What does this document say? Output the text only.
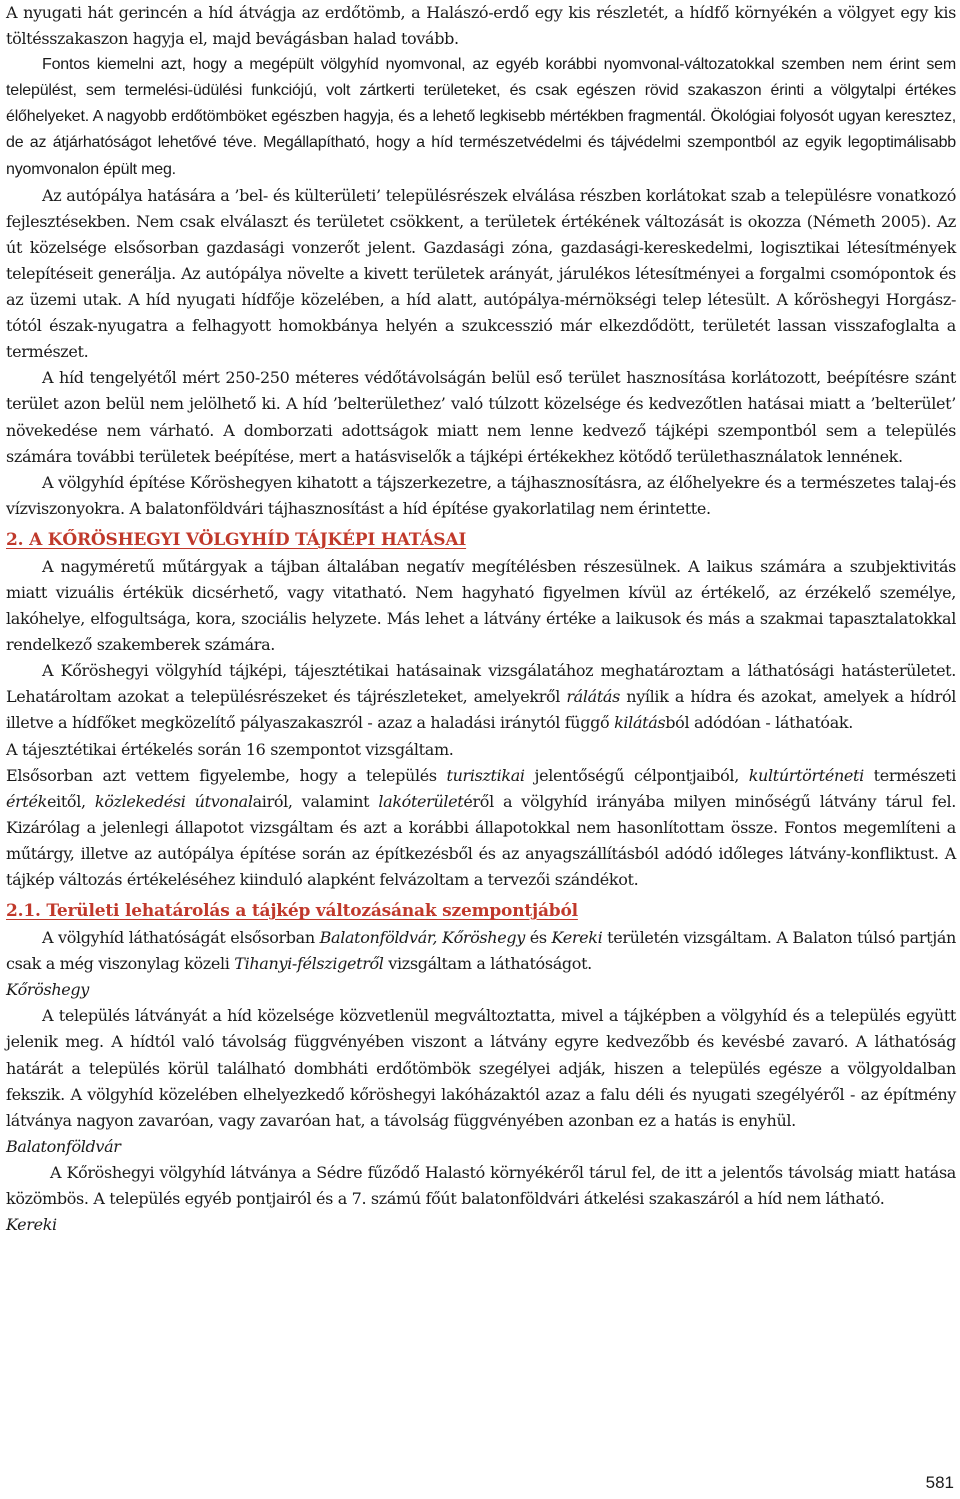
A nyugati hát gerincén a híd átvágja az erdőtömb, a Halászó-erdő egy kis részletét, a hídfő környékén a völgyet egy kis töltésszakaszon hagyja el, majd bevágásban halad tovább.

Fontos kiemelni azt, hogy a megépült völgyhíd nyomvonal, az egyéb korábbi nyomvonal-változatokkal szemben nem érint sem települést, sem termelési-üdülési funkciójú, volt zártkerti területeket, és csak egészen rövid szakaszon érinti a völgytalpi értékes élőhelyeket. A nagyobb erdőtömböket egészben hagyja, és a lehető legkisebb mértékben fragmentál. Ökológiai folyosót ugyan keresztez, de az átjárhatóságot lehetővé téve. Megállapítható, hogy a híd természetvédelmi és tájvédelmi szempontból az egyik legoptimálisabb nyomvonalon épült meg.

Az autópálya hatására a ’bel- és külterületi’ településrészek elválása részben korlátokat szab a településre vonatkozó fejlesztésekben. Nem csak elválaszt és területet csökkent, a területek értékének változását is okozza (Németh 2005). Az út közelsége elsősorban gazdasági vonzerőt jelent. Gazdasági zóna, gazdasági-kereskedelmi, logisztikai létesítmények telepítéseit generálja. Az autópálya növelte a kivett területek arányát, járulékos létesítményei a forgalmi csomópontok és az üzemi utak. A híd nyugati hídfője közelében, a híd alatt, autópálya-mérnökségi telep létesült. A kőröshegyi Horgász-tótól észak-nyugatra a felhagyott homokbánya helyén a szukcesszió már elkezdődött, területét lassan visszafoglalta a természet.

A híd tengelyétől mért 250-250 méteres védőtávolságán belül eső terület hasznosítása korlátozott, beépítésre szánt terület azon belül nem jelölhető ki. A híd ’belterülethez’ való túlzott közelsége és kedvezőtlen hatásai miatt a ’belterület’ növekedése nem várható. A domborzati adottságok miatt nem lenne kedvező tájképi szempontból sem a település számára további területek beépítése, mert a hatásviselők a tájképi értékekhez kötődő területhasználatok lennének.

A völgyhíd építése Kőröshegyen kihatott a tájszerkezetre, a tájhasznosításra, az élőhelyekre és a természetes talaj-és vízviszonyokra. A balatonföldvári tájhasznosítást a híd építése gyakorlatilag nem érintette.

2. A KŐRÖSHEGYI VÖLGYHÍD TÁJKÉPI HATÁSAI

A nagyméretű műtárgyak a tájban általában negatív megítélésben részesülnek. A laikus számára a szubjektivitás miatt vizuális értékük dicsérhető, vagy vitatható. Nem hagyható figyelmen kívül az értékelő, az érzékelő személye, lakóhelye, elfogultsága, kora, szociális helyzete. Más lehet a látvány értéke a laikusok és más a szakmai tapasztalatokkal rendelkező szakemberek számára.

A Kőröshegyi völgyhíd tájképi, tájesztétikai hatásainak vizsgálatához meghatároztam a láthatósági hatásterületet. Lehatároltam azokat a településrészeket és tájrészleteket, amelyekről rálátás nyílik a hídra és azokat, amelyek a hídról illetve a hídfőket megközelítő pályaszakaszról - azaz a haladási iránytól függő kilátásból adódóan - láthatóak.

A tájesztétikai értékelés során 16 szempontot vizsgáltam.

Elsősorban azt vettem figyelembe, hogy a település turisztikai jelentőségű célpontjaiból, kultúrtörténeti természeti értékeitől, közlekedési útvonalairól, valamint lakóterületéről a völgyhíd irányába milyen minőségű látvány tárul fel. Kizárólag a jelenlegi állapotot vizsgáltam és azt a korábbi állapotokkal nem hasonlítottam össze. Fontos megemlíteni a műtárgy, illetve az autópálya építése során az építkezésből és az anyagszállításból adódó időleges látvány-konfliktust. A tájkép változás értékeléséhez kiinduló alapként felvázoltam a tervezői szándékot.

2.1. Területi lehatárolás a tájkép változásának szempontjából

A völgyhíd láthatóságát elsősorban Balatonföldvár, Kőröshegy és Kereki területén vizsgáltam. A Balaton túlsó partján csak a még viszonylag közeli Tihanyi-félszigetről vizsgáltam a láthatóságot.

Kőröshegy

A település látványát a híd közelsége közvetlenül megváltoztatta, mivel a tájképben a völgyhíd és a település együtt jelenik meg. A hídtól való távolság függvényében viszont a látvány egyre kedvezőbb és kevésbé zavaró. A láthatóság határát a település körül található dombháti erdőtömbök szegélyei adják, hiszen a település egésze a völgyoldalban fekszik. A völgyhíd közelében elhelyezkedő kőröshegyi lakóházaktól azaz a falu déli és nyugati szegélyéről - az építmény látványa nagyon zavaróan, vagy zavaróan hat, a távolság függvényében azonban ez a hatás is enyhül.

Balatonföldvár

A Kőröshegyi völgyhíd látványa a Sédre fűződő Halastó környékéről tárul fel, de itt a jelentős távolság miatt hatása közömbös. A település egyéb pontjairól és a 7. számú főút balatonföldvári átkelési szakaszáról a híd nem látható.

Kereki

581
